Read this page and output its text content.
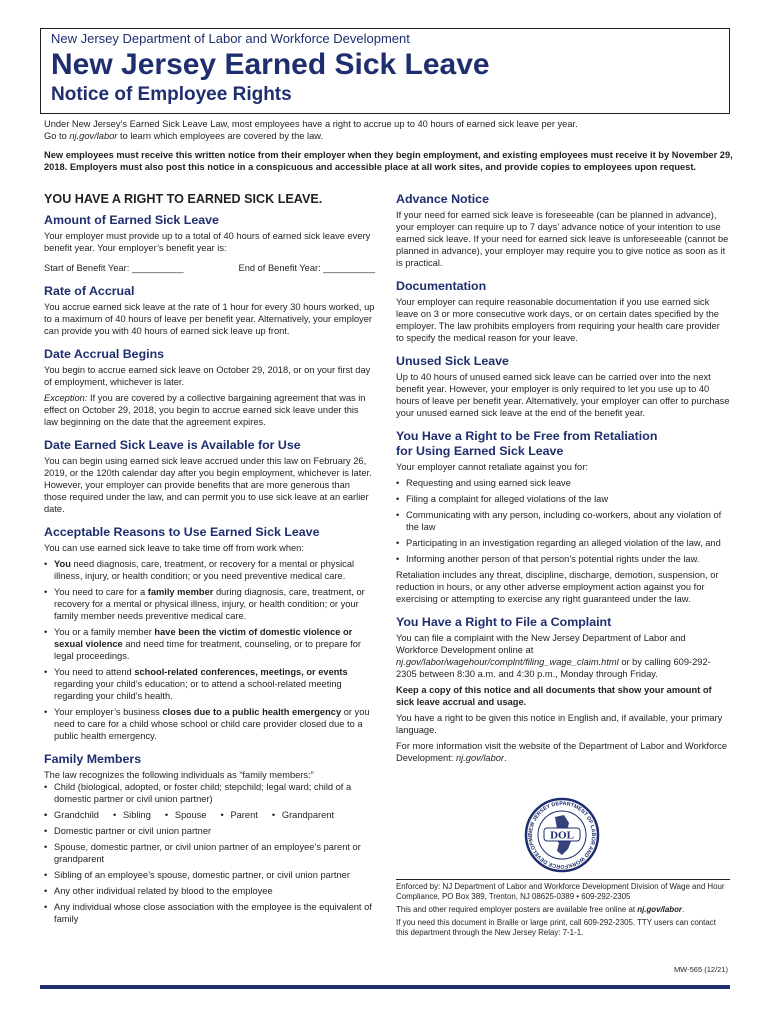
New Jersey Department of Labor and Workforce Development
New Jersey Earned Sick Leave
Notice of Employee Rights

Under New Jersey’s Earned Sick Leave Law, most employees have a right to accrue up to 40 hours of earned sick leave per year.

Go to nj.gov/labor to learn which employees are covered by the law.

New employees must receive this written notice from their employer when they begin employment, and existing employees must receive it by November 29, 2018. Employers must also post this notice in a conspicuous and accessible place at all work sites, and provide copies to employees upon request.

YOU HAVE A RIGHT TO EARNED SICK LEAVE.
Amount of Earned Sick Leave

Your employer must provide up to a total of 40 hours of earned sick leave every benefit year. Your employer’s benefit year is:

Start of Benefit Year: __________	End of Benefit Year: __________
Rate of Accrual

You accrue earned sick leave at the rate of 1 hour for every 30 hours worked, up to a maximum of 40 hours of leave per benefit year. Alternatively, your employer can provide you with 40 hours of earned sick leave up front.

Date Accrual Begins

You begin to accrue earned sick leave on October 29, 2018, or on your first day of employment, whichever is later.

Exception: If you are covered by a collective bargaining agreement that was in effect on October 29, 2018, you begin to accrue earned sick leave under this law beginning on the date that the agreement expires.

Date Earned Sick Leave is Available for Use

You can begin using earned sick leave accrued under this law on February 26, 2019, or the 120th calendar day after you begin employment, whichever is later. However, your employer can provide benefits that are more generous than those required under the law, and can permit you to use sick leave at an earlier date.

Acceptable Reasons to Use Earned Sick Leave

You can use earned sick leave to take time off from work when:

• You need diagnosis, care, treatment, or recovery for a mental or physical illness, injury, or health condition; or you need preventive medical care.
• You need to care for a family member during diagnosis, care, treatment, or recovery for a mental or physical illness, injury, or health condition; or your family member needs preventive medical care.
• You or a family member have been the victim of domestic violence or sexual violence and need time for treatment, counseling, or to prepare for legal proceedings.
• You need to attend school-related conferences, meetings, or events regarding your child’s education; or to attend a school-related meeting regarding your child’s health.
• Your employer’s business closes due to a public health emergency or you need to care for a child whose school or child care provider closed due to a public health emergency.
Family Members

The law recognizes the following individuals as “family members:”

• Child (biological, adopted, or foster child; stepchild; legal ward; child of a domestic partner or civil union partner)
• • Grandchild	• Sibling	• Spouse	• Parent	• Grandparent
• Domestic partner or civil union partner
• Spouse, domestic partner, or civil union partner of an employee’s parent or grandparent
• Sibling of an employee’s spouse, domestic partner, or civil union partner
• Any other individual related by blood to the employee
• Any individual whose close association with the employee is the equivalent of family
Advance Notice

If your need for earned sick leave is foreseeable (can be planned in advance), your employer can require up to 7 days’ advance notice of your intention to use earned sick leave. If your need for earned sick leave is unforeseeable (cannot be planned in advance), your employer may require you to give notice as soon as it is practical.

Documentation

Your employer can require reasonable documentation if you use earned sick leave on 3 or more consecutive work days, or on certain dates specified by the employer. The law prohibits employers from requiring your health care provider to specify the medical reason for your leave.

Unused Sick Leave

Up to 40 hours of unused earned sick leave can be carried over into the next benefit year. However, your employer is only required to let you use up to 40 hours of leave per benefit year. Alternatively, your employer can offer to purchase your unused earned sick leave at the end of the benefit year.

You Have a Right to be Free from Retaliation
for Using Earned Sick Leave

Your employer cannot retaliate against you for:

• Requesting and using earned sick leave
• Filing a complaint for alleged violations of the law
• Communicating with any person, including co-workers, about any violation of the law
• Participating in an investigation regarding an alleged violation of the law, and
• Informing another person of that person’s potential rights under the law.

Retaliation includes any threat, discipline, discharge, demotion, suspension, or reduction in hours, or any other adverse employment action against you for exercising or attempting to exercise any right guaranteed under the law.

You Have a Right to File a Complaint

You can file a complaint with the New Jersey Department of Labor and Workforce Development online at nj.gov/labor/wagehour/complnt/filing_wage_claim.html or by calling 609-292-2305 between 8:30 a.m. and 4:30 p.m., Monday through Friday.

Keep a copy of this notice and all documents that show your amount of sick leave accrual and usage.

You have a right to be given this notice in English and, if available, your primary language.

For more information visit the website of the Department of Labor and Workforce Development: nj.gov/labor.

NEW JERSEY DEPARTMENT OF LABOR AND WORKFORCE DEVELOPME	DOL

Enforced by: NJ Department of Labor and Workforce Development Division of Wage and Hour Compliance, PO Box 389, Trenton, NJ 08625-0389 • 609-292-2305

This and other required employer posters are available free online at nj.gov/labor.

If you need this document in Braille or large print, call 609-292-2305. TTY users can contact this department through the New Jersey Relay: 7-1-1.

MW-565 (12/21)
